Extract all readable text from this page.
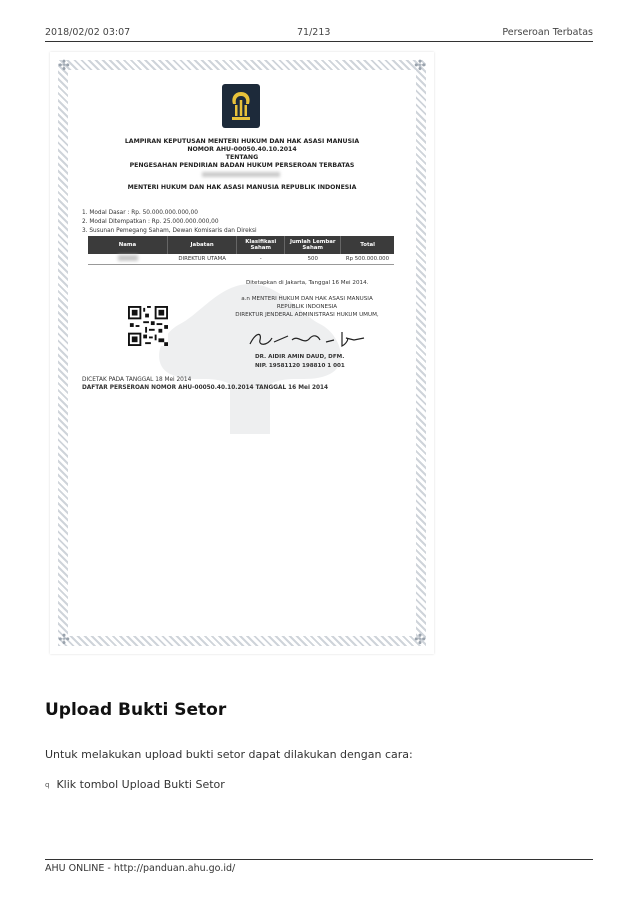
2018/02/02 03:07	71/213	Perseroan Terbatas
✣	✣
✣	✣
LAMPIRAN KEPUTUSAN MENTERI HUKUM DAN HAK ASASI MANUSIA
NOMOR AHU-00050.40.10.2014
TENTANG
PENGESAHAN PENDIRIAN BADAN HUKUM PERSEROAN TERBATAS
MENTERI HUKUM DAN HAK ASASI MANUSIA REPUBLIK INDONESIA
1. Modal Dasar : Rp. 50.000.000.000,00
2. Modal Ditempatkan : Rp. 25.000.000.000,00
3. Susunan Pemegang Saham, Dewan Komisaris dan Direksi
Nama	Jabatan	Klasifikasi Saham	Jumlah Lembar Saham	Total
	DIREKTUR UTAMA	-	500	Rp 500.000.000
Ditetapkan di Jakarta, Tanggal 16 Mei 2014.
a.n MENTERI HUKUM DAN HAK ASASI MANUSIA
REPUBLIK INDONESIA
DIREKTUR JENDERAL ADMINISTRASI HUKUM UMUM,
DR. AIDIR AMIN DAUD, DFM.
NIP. 19581120 198810 1 001
DICETAK PADA TANGGAL 18 Mei 2014
DAFTAR PERSEROAN NOMOR AHU-00050.40.10.2014 TANGGAL 16 Mei 2014
Upload Bukti Setor
Untuk melakukan upload bukti setor dapat dilakukan dengan cara:
q Klik tombol Upload Bukti Setor
AHU ONLINE - http://panduan.ahu.go.id/
